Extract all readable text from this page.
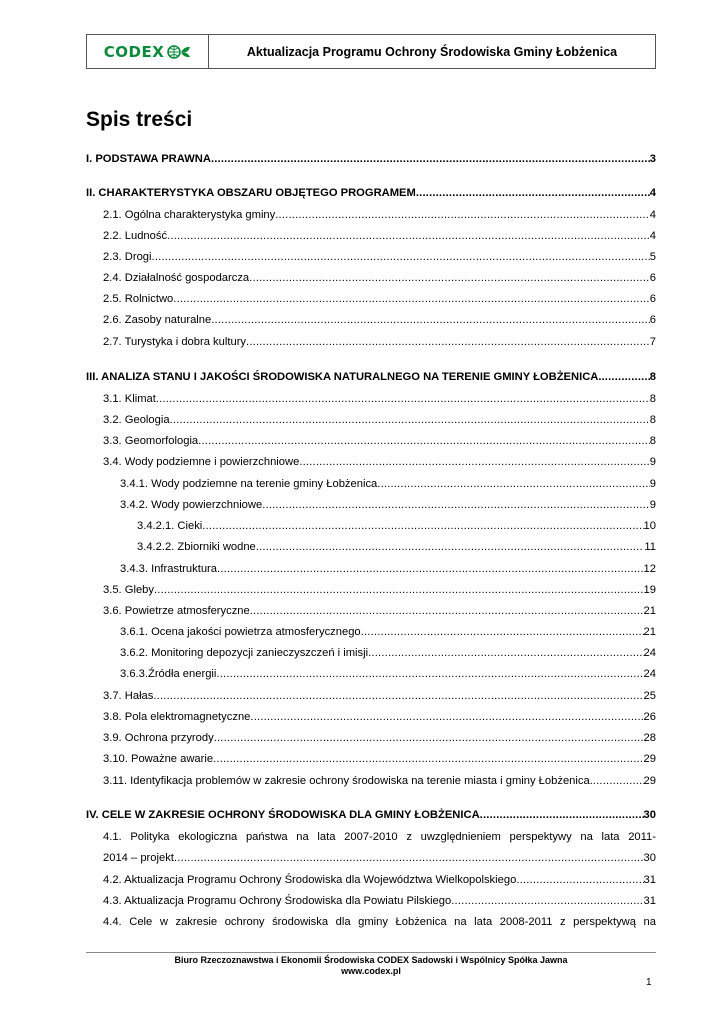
CODEX	Aktualizacja Programu Ochrony Środowiska Gminy Łobżenica
Spis treści
I. PODSTAWA PRAWNA .....	3
II. CHARAKTERYSTYKA OBSZARU OBJĘTEGO PROGRAMEM .....	4
2.1. Ogólna charakterystyka gminy .....	4
2.2. Ludność .....	4
2.3. Drogi .....	5
2.4. Działalność gospodarcza .....	6
2.5. Rolnictwo .....	6
2.6. Zasoby naturalne .....	6
2.7. Turystyka i dobra kultury .....	7
III. ANALIZA STANU I JAKOŚCI ŚRODOWISKA NATURALNEGO NA TERENIE GMINY ŁOBŻENICA. .....	8
3.1. Klimat .....	8
3.2. Geologia .....	8
3.3. Geomorfologia .....	8
3.4. Wody podziemne i powierzchniowe .....	9
3.4.1. Wody podziemne na terenie gminy Łobżenica .....	9
3.4.2. Wody powierzchniowe .....	9
3.4.2.1. Cieki .....	10
3.4.2.2. Zbiorniki wodne .....	11
3.4.3. Infrastruktura .....	12
3.5. Gleby .....	19
3.6. Powietrze atmosferyczne .....	21
3.6.1. Ocena jakości powietrza atmosferycznego .....	21
3.6.2. Monitoring depozycji zanieczyszczeń i imisji .....	24
3.6.3.Źródła energii .....	24
3.7. Hałas .....	25
3.8. Pola elektromagnetyczne .....	26
3.9. Ochrona przyrody .....	28
3.10. Poważne awarie .....	29
3.11. Identyfikacja problemów w zakresie ochrony środowiska na terenie miasta i gminy Łobżenica. .....	29
IV. CELE W ZAKRESIE OCHRONY ŚRODOWISKA DLA GMINY ŁOBŻENICA .....	30
4.1. Polityka ekologiczna państwa na lata 2007-2010 z uwzględnieniem perspektywy na lata 2011-
2014 – projekt .....	30
4.2. Aktualizacja Programu Ochrony Środowiska dla Województwa Wielkopolskiego .....	31
4.3. Aktualizacja Programu Ochrony Środowiska dla Powiatu Pilskiego .....	31
4.4. Cele w zakresie ochrony środowiska dla gminy Łobżenica na lata 2008-2011 z perspektywą na
Biuro Rzeczoznawstwa i Ekonomii Środowiska CODEX Sadowski i Wspólnicy Spółka Jawna
www.codex.pl
1
